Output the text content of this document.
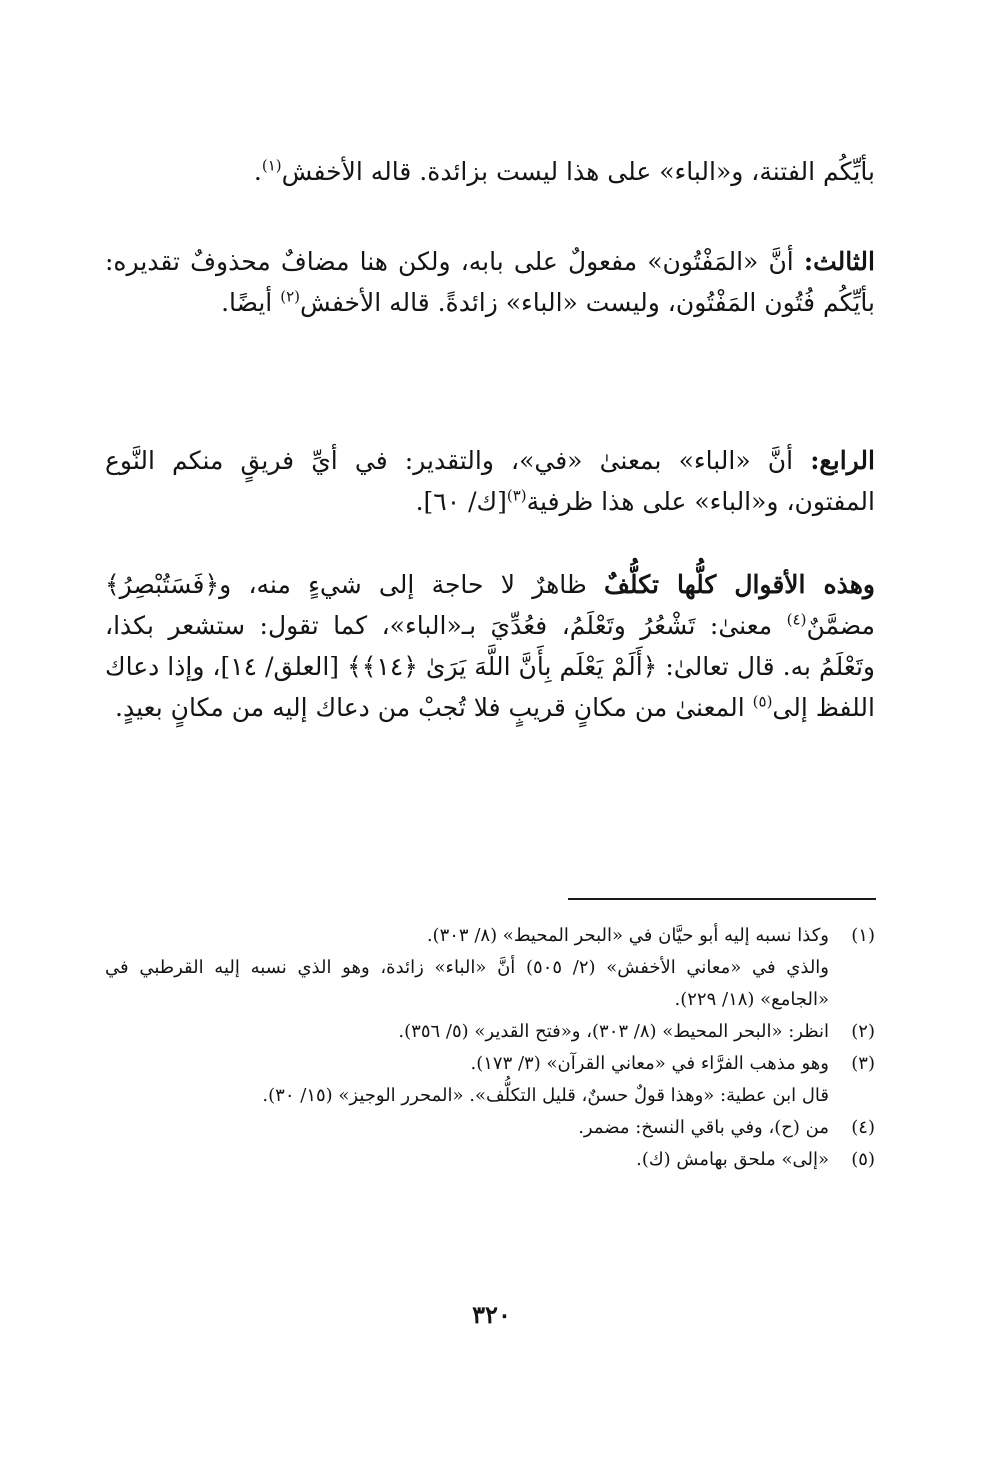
بأيِّكُم الفتنة، و«الباء» على هذا ليست بزائدة. قاله الأخفش$^{(١)}$.

الثالث: أنَّ «المَفْتُون» مفعولٌ على بابه، ولكن هنا مضافٌ محذوفٌ تقديره: بأيِّكُم فُتُون المَفْتُون، وليست «الباء» زائدةً. قاله الأخفش$^{(٢)}$ أيضًا.

الرابع: أنَّ «الباء» بمعنىٰ «في»، والتقدير: في أيِّ فريقٍ منكم النَّوع المفتون، و«الباء» على هذا ظرفية$^{(٣)}$[ك/ ٦٠].

وهذه الأقوال كلُّها تكلُّفٌ ظاهرٌ لا حاجة إلى شيءٍ منه، و﴿فَسَتُبْصِرُ﴾ مضمَّنٌ$^{(٤)}$ معنىٰ: تَشْعُرُ وتَعْلَمُ، فعُدِّيَ بـ«الباء»، كما تقول: ستشعر بكذا، وتَعْلَمُ به. قال تعالىٰ: ﴿أَلَمْ يَعْلَم بِأَنَّ اللَّهَ يَرَىٰ ﴿١٤﴾﴾ [العلق/ ١٤]، وإذا دعاك اللفظ إلى$^{(٥)}$ المعنىٰ من مكانٍ قريبٍ فلا تُجبْ من دعاك إليه من مكانٍ بعيدٍ.

(١)
وكذا نسبه إليه أبو حيَّان في «البحر المحيط» (٨/ ٣٠٣).

والذي في «معاني الأخفش» (٢/ ٥٠٥) أنَّ «الباء» زائدة، وهو الذي نسبه إليه القرطبي في «الجامع» (١٨/ ٢٢٩).

(٢)
انظر: «البحر المحيط» (٨/ ٣٠٣)، و«فتح القدير» (٥/ ٣٥٦).
(٣)
وهو مذهب الفرَّاء في «معاني القرآن» (٣/ ١٧٣).

قال ابن عطية: «وهذا قولٌ حسنٌ، قليل التكلُّف». «المحرر الوجيز» (١٥/ ٣٠).

(٤)
من (ح)، وفي باقي النسخ: مضمر.
(٥)
«إلى» ملحق بهامش (ك).
٣٢٠
